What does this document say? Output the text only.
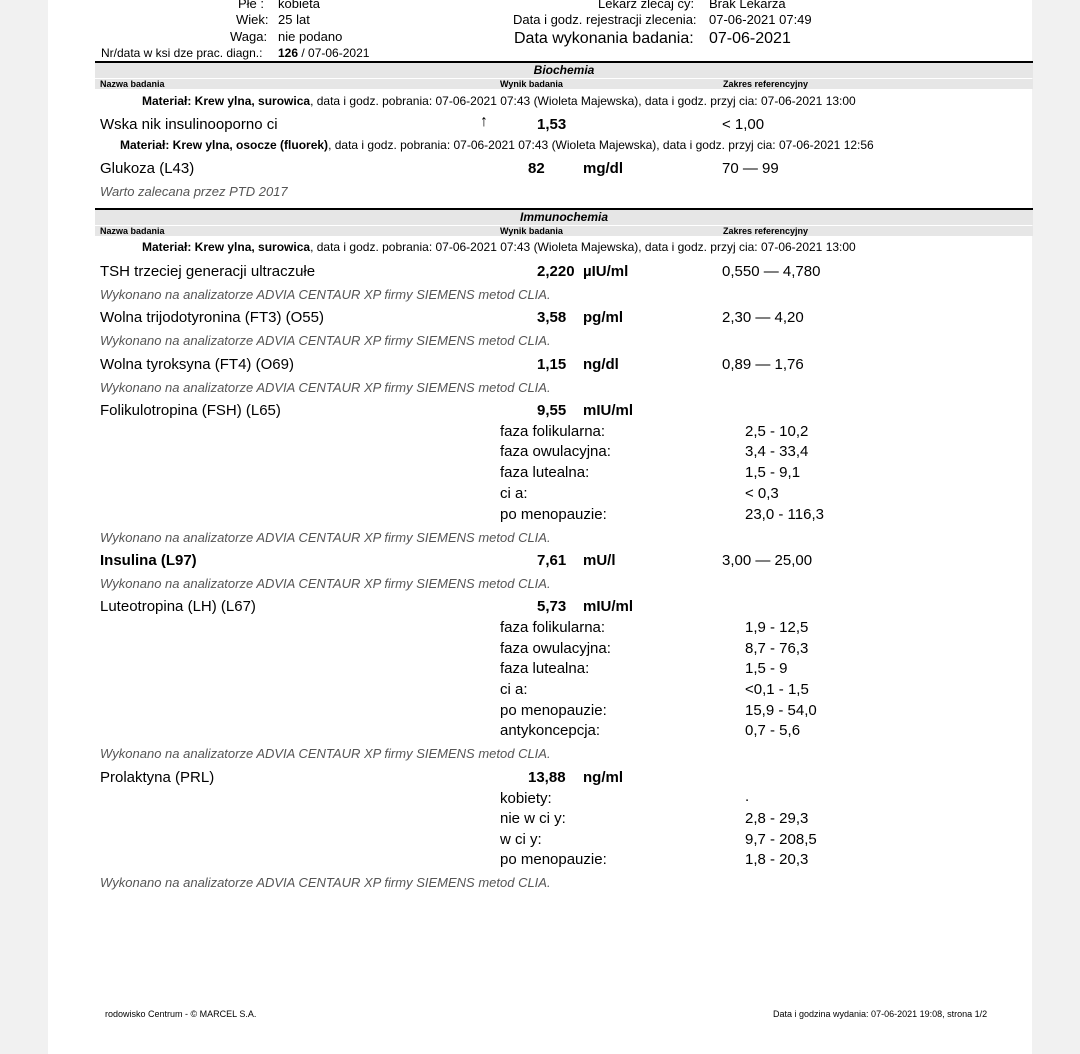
Płe : kobieta
Wiek: 25 lat
Waga: nie podano
Nr/data w ksi dze prac. diagn.: 126 / 07-06-2021
Lekarz zlecaj cy: Brak Lekarza
Data i godz. rejestracji zlecenia: 07-06-2021 07:49
Data wykonania badania: 07-06-2021
Biochemia
Nazwa badania	Wynik badania	Zakres referencyjny
Materiał: Krew ylna, surowica, data i godz. pobrania: 07-06-2021 07:43 (Wioleta Majewska), data i godz. przyj cia: 07-06-2021 13:00
Wska nik insulinooporno ci	↑	1,53	< 1,00
Materiał: Krew ylna, osocze (fluorek), data i godz. pobrania: 07-06-2021 07:43 (Wioleta Majewska), data i godz. przyj cia: 07-06-2021 12:56
Glukoza (L43)	82	mg/dl	70 — 99
Warto zalecana przez PTD 2017
Immunochemia
Nazwa badania	Wynik badania	Zakres referencyjny
Materiał: Krew ylna, surowica, data i godz. pobrania: 07-06-2021 07:43 (Wioleta Majewska), data i godz. przyj cia: 07-06-2021 13:00
TSH trzeciej generacji ultraczułe	2,220 µIU/ml	0,550 — 4,780
Wykonano na analizatorze ADVIA CENTAUR XP firmy SIEMENS metod CLIA.
Wolna trijodotyronina (FT3) (O55)	3,58 pg/ml	2,30 — 4,20
Wykonano na analizatorze ADVIA CENTAUR XP firmy SIEMENS metod CLIA.
Wolna tyroksyna (FT4) (O69)	1,15 ng/dl	0,89 — 1,76
Wykonano na analizatorze ADVIA CENTAUR XP firmy SIEMENS metod CLIA.
Folikulotropina (FSH) (L65)	9,55 mIU/ml
faza folikularna:	2,5 - 10,2
faza owulacyjna:	3,4 - 33,4
faza lutealna:	1,5 - 9,1
ci a:	< 0,3
po menopauzie:	23,0 - 116,3
Wykonano na analizatorze ADVIA CENTAUR XP firmy SIEMENS metod CLIA.
Insulina (L97)	7,61 mU/l	3,00 — 25,00
Wykonano na analizatorze ADVIA CENTAUR XP firmy SIEMENS metod CLIA.
Luteotropina (LH) (L67)	5,73 mIU/ml
faza folikularna:	1,9 - 12,5
faza owulacyjna:	8,7 - 76,3
faza lutealna:	1,5 - 9
ci a:	<0,1 - 1,5
po menopauzie:	15,9 - 54,0
antykoncepcja:	0,7 - 5,6
Wykonano na analizatorze ADVIA CENTAUR XP firmy SIEMENS metod CLIA.
Prolaktyna (PRL)	13,88 ng/ml
kobiety:	.
nie w ci y:	2,8 - 29,3
w ci y:	9,7 - 208,5
po menopauzie:	1,8 - 20,3
Wykonano na analizatorze ADVIA CENTAUR XP firmy SIEMENS metod CLIA.
rodowisko Centrum - © MARCEL S.A.	Data i godzina wydania: 07-06-2021 19:08, strona 1/2
